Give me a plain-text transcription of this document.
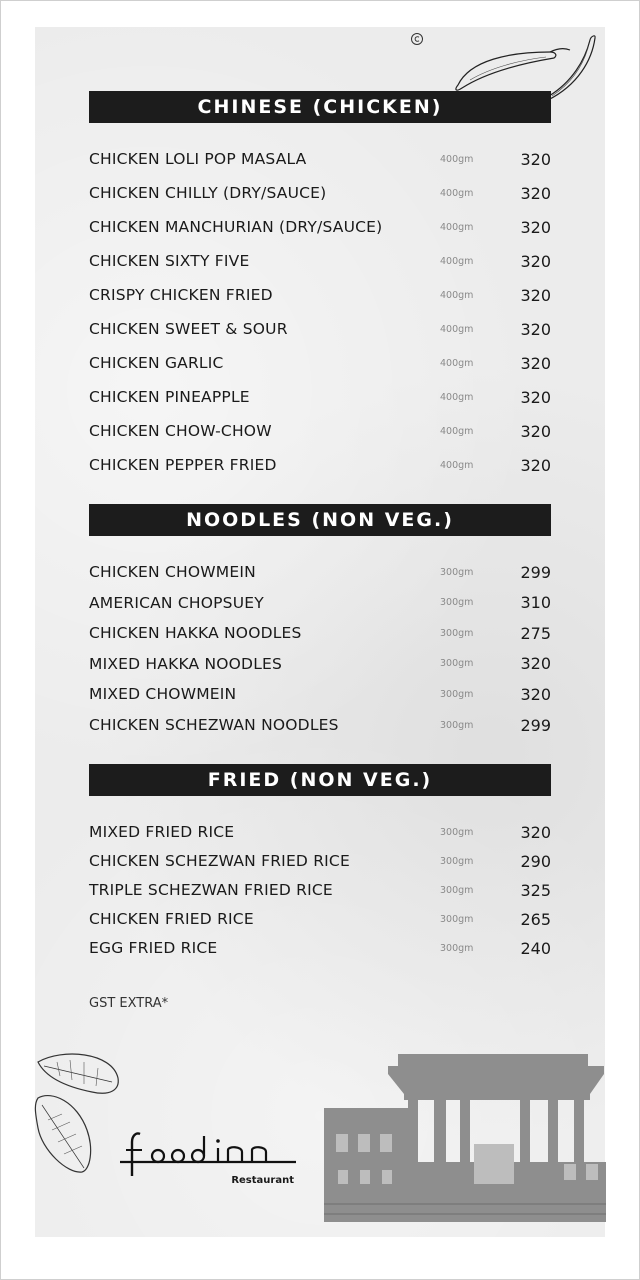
CHINESE (CHICKEN)
CHICKEN LOLI POP MASALA	400gm	320
CHICKEN CHILLY (DRY/SAUCE)	400gm	320
CHICKEN MANCHURIAN (DRY/SAUCE)	400gm	320
CHICKEN SIXTY FIVE	400gm	320
CRISPY CHICKEN FRIED	400gm	320
CHICKEN SWEET & SOUR	400gm	320
CHICKEN GARLIC	400gm	320
CHICKEN PINEAPPLE	400gm	320
CHICKEN CHOW-CHOW	400gm	320
CHICKEN PEPPER FRIED	400gm	320
NOODLES (NON VEG.)
CHICKEN CHOWMEIN	300gm	299
AMERICAN CHOPSUEY	300gm	310
CHICKEN HAKKA NOODLES	300gm	275
MIXED HAKKA NOODLES	300gm	320
MIXED CHOWMEIN	300gm	320
CHICKEN SCHEZWAN NOODLES	300gm	299
FRIED (NON VEG.)
MIXED FRIED RICE	300gm	320
CHICKEN SCHEZWAN FRIED RICE	300gm	290
TRIPLE SCHEZWAN FRIED RICE	300gm	325
CHICKEN FRIED RICE	300gm	265
EGG FRIED RICE	300gm	240
GST EXTRA*
Restaurant
